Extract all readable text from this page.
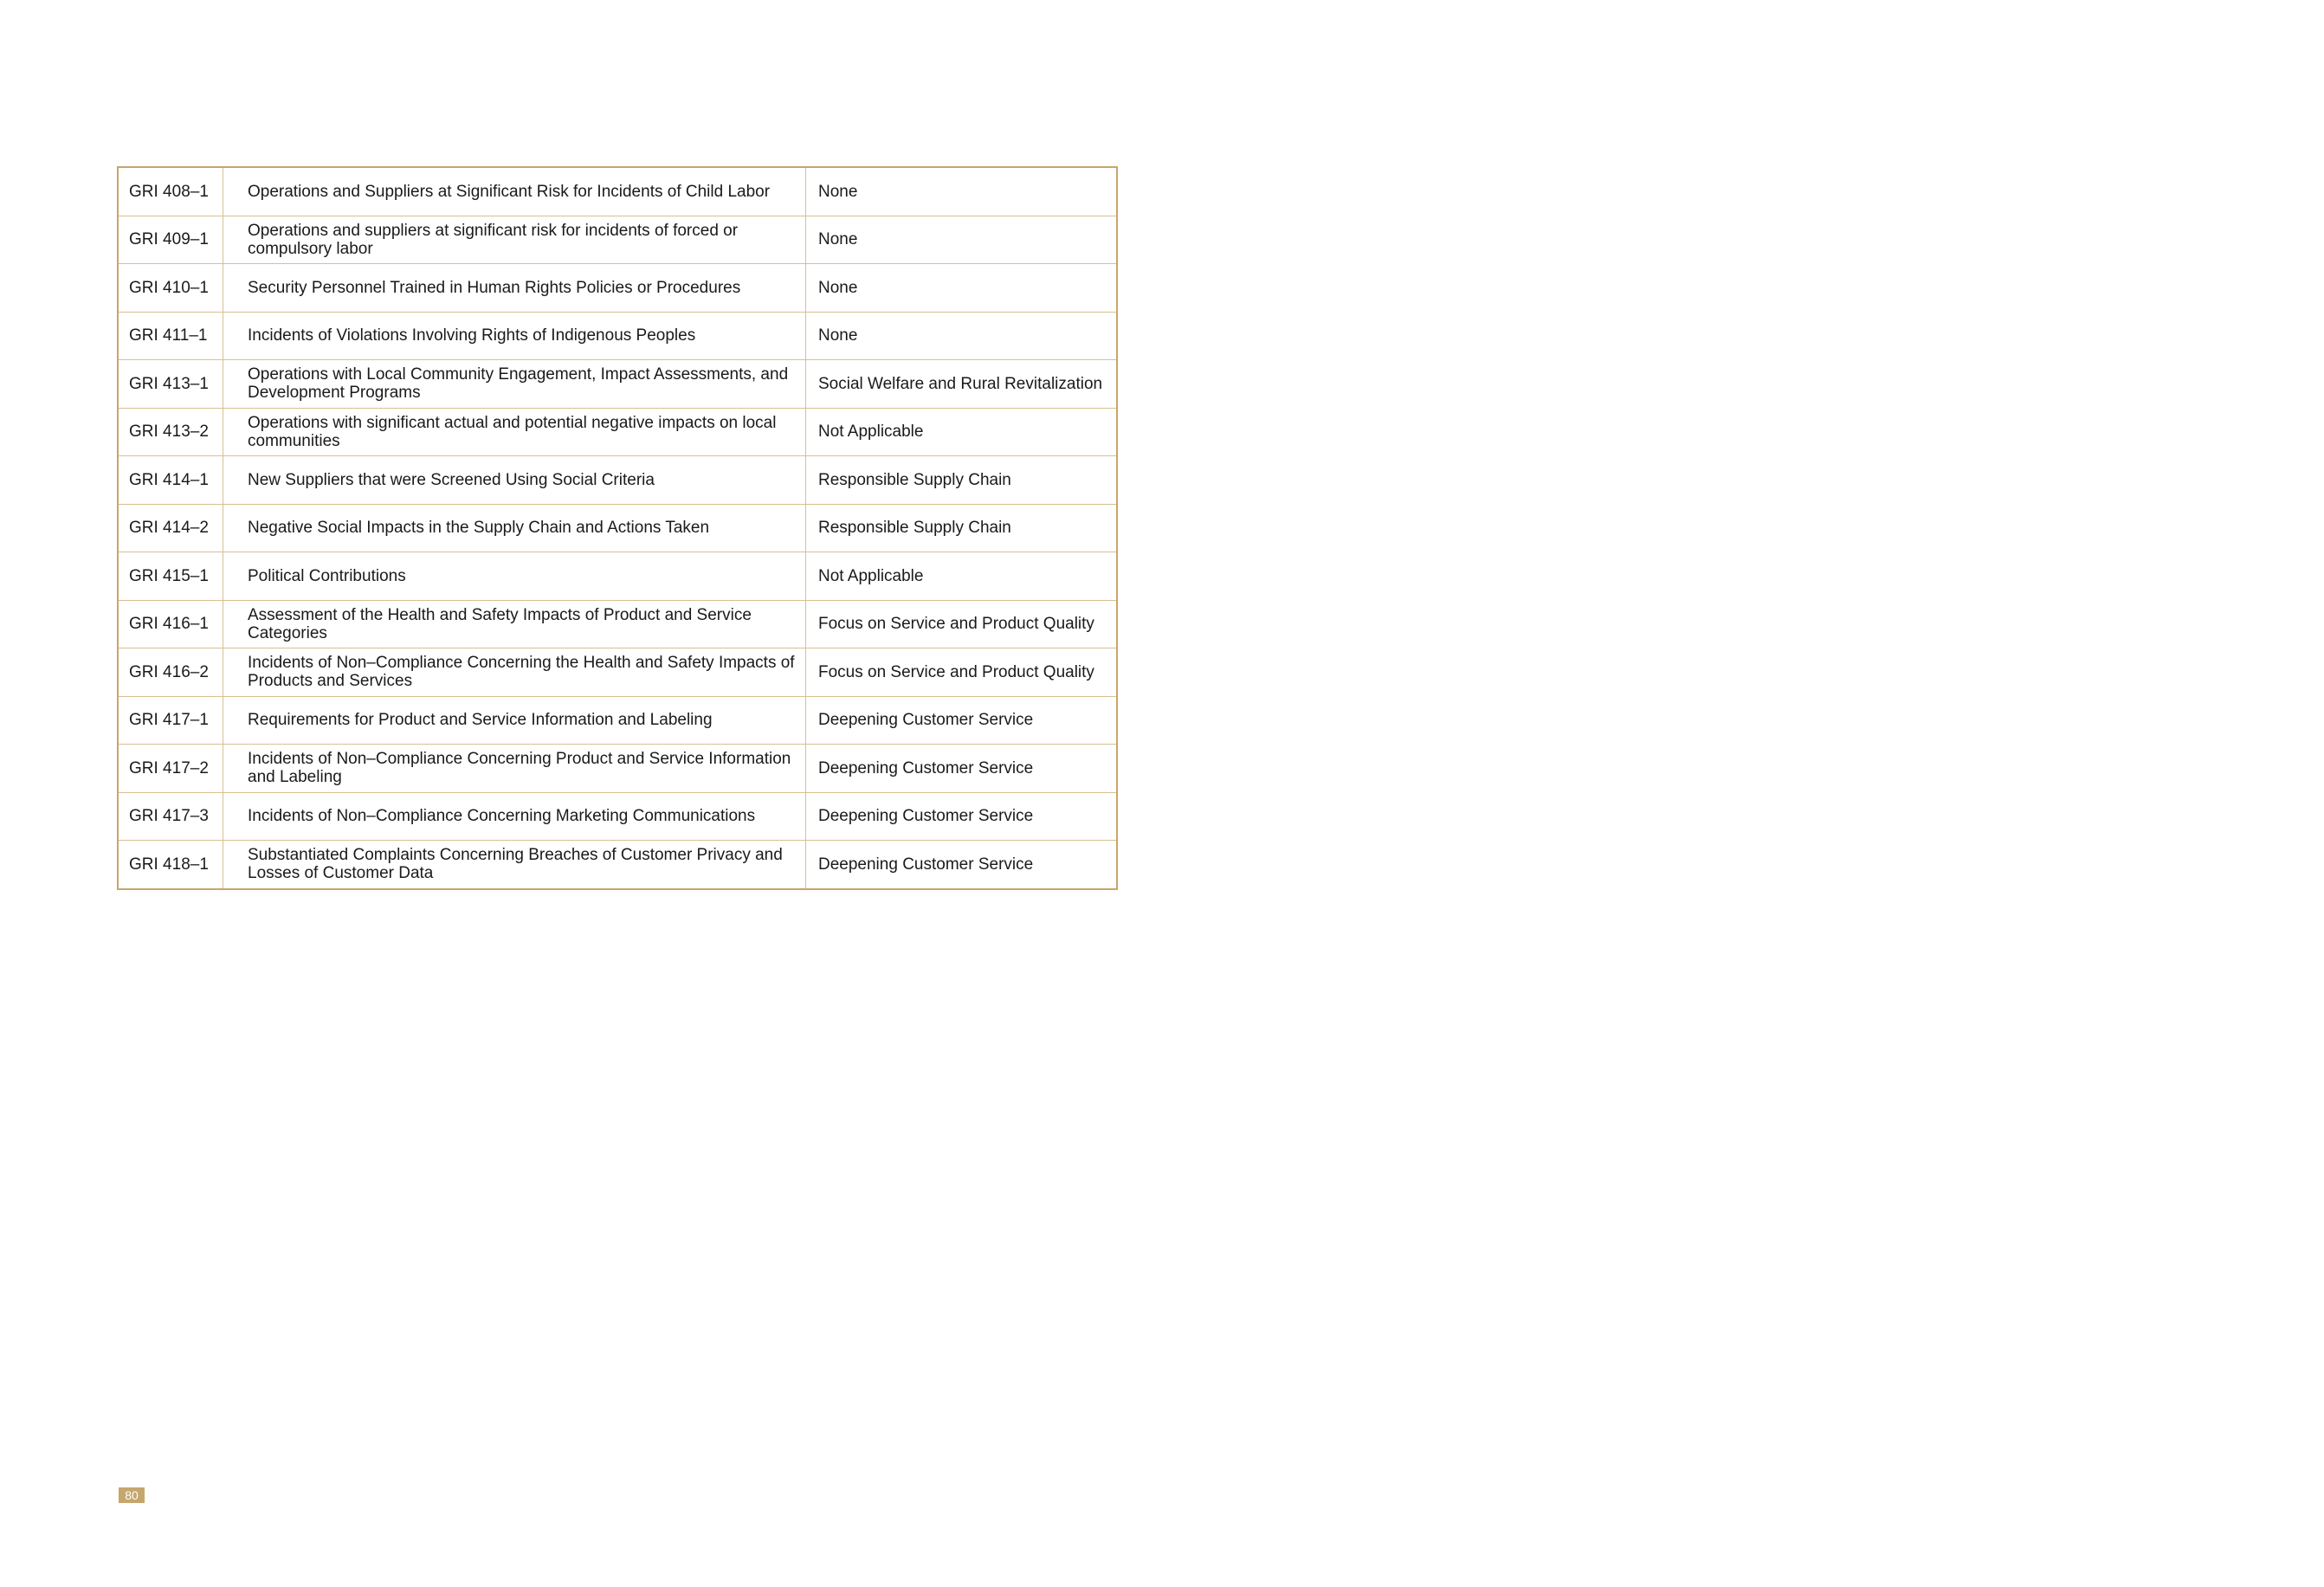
GRI 408–1	Operations and Suppliers at Significant Risk for Incidents of Child Labor	None
GRI 409–1	Operations and suppliers at significant risk for incidents of forced or compulsory labor	None
GRI 410–1	Security Personnel Trained in Human Rights Policies or Procedures	None
GRI 411–1	Incidents of Violations Involving Rights of Indigenous Peoples	None
GRI 413–1	Operations with Local Community Engagement, Impact Assessments, and Development Programs	Social Welfare and Rural Revitalization
GRI 413–2	Operations with significant actual and potential negative impacts on local communities	Not Applicable
GRI 414–1	New Suppliers that were Screened Using Social Criteria	Responsible Supply Chain
GRI 414–2	Negative Social Impacts in the Supply Chain and Actions Taken	Responsible Supply Chain
GRI 415–1	Political Contributions	Not Applicable
GRI 416–1	Assessment of the Health and Safety Impacts of Product and Service Categories	Focus on Service and Product Quality
GRI 416–2	Incidents of Non–Compliance Concerning the Health and Safety Impacts of Products and Services	Focus on Service and Product Quality
GRI 417–1	Requirements for Product and Service Information and Labeling	Deepening Customer Service
GRI 417–2	Incidents of Non–Compliance Concerning Product and Service Information and Labeling	Deepening Customer Service
GRI 417–3	Incidents of Non–Compliance Concerning Marketing Communications	Deepening Customer Service
GRI 418–1	Substantiated Complaints Concerning Breaches of Customer Privacy and Losses of Customer Data	Deepening Customer Service
80
